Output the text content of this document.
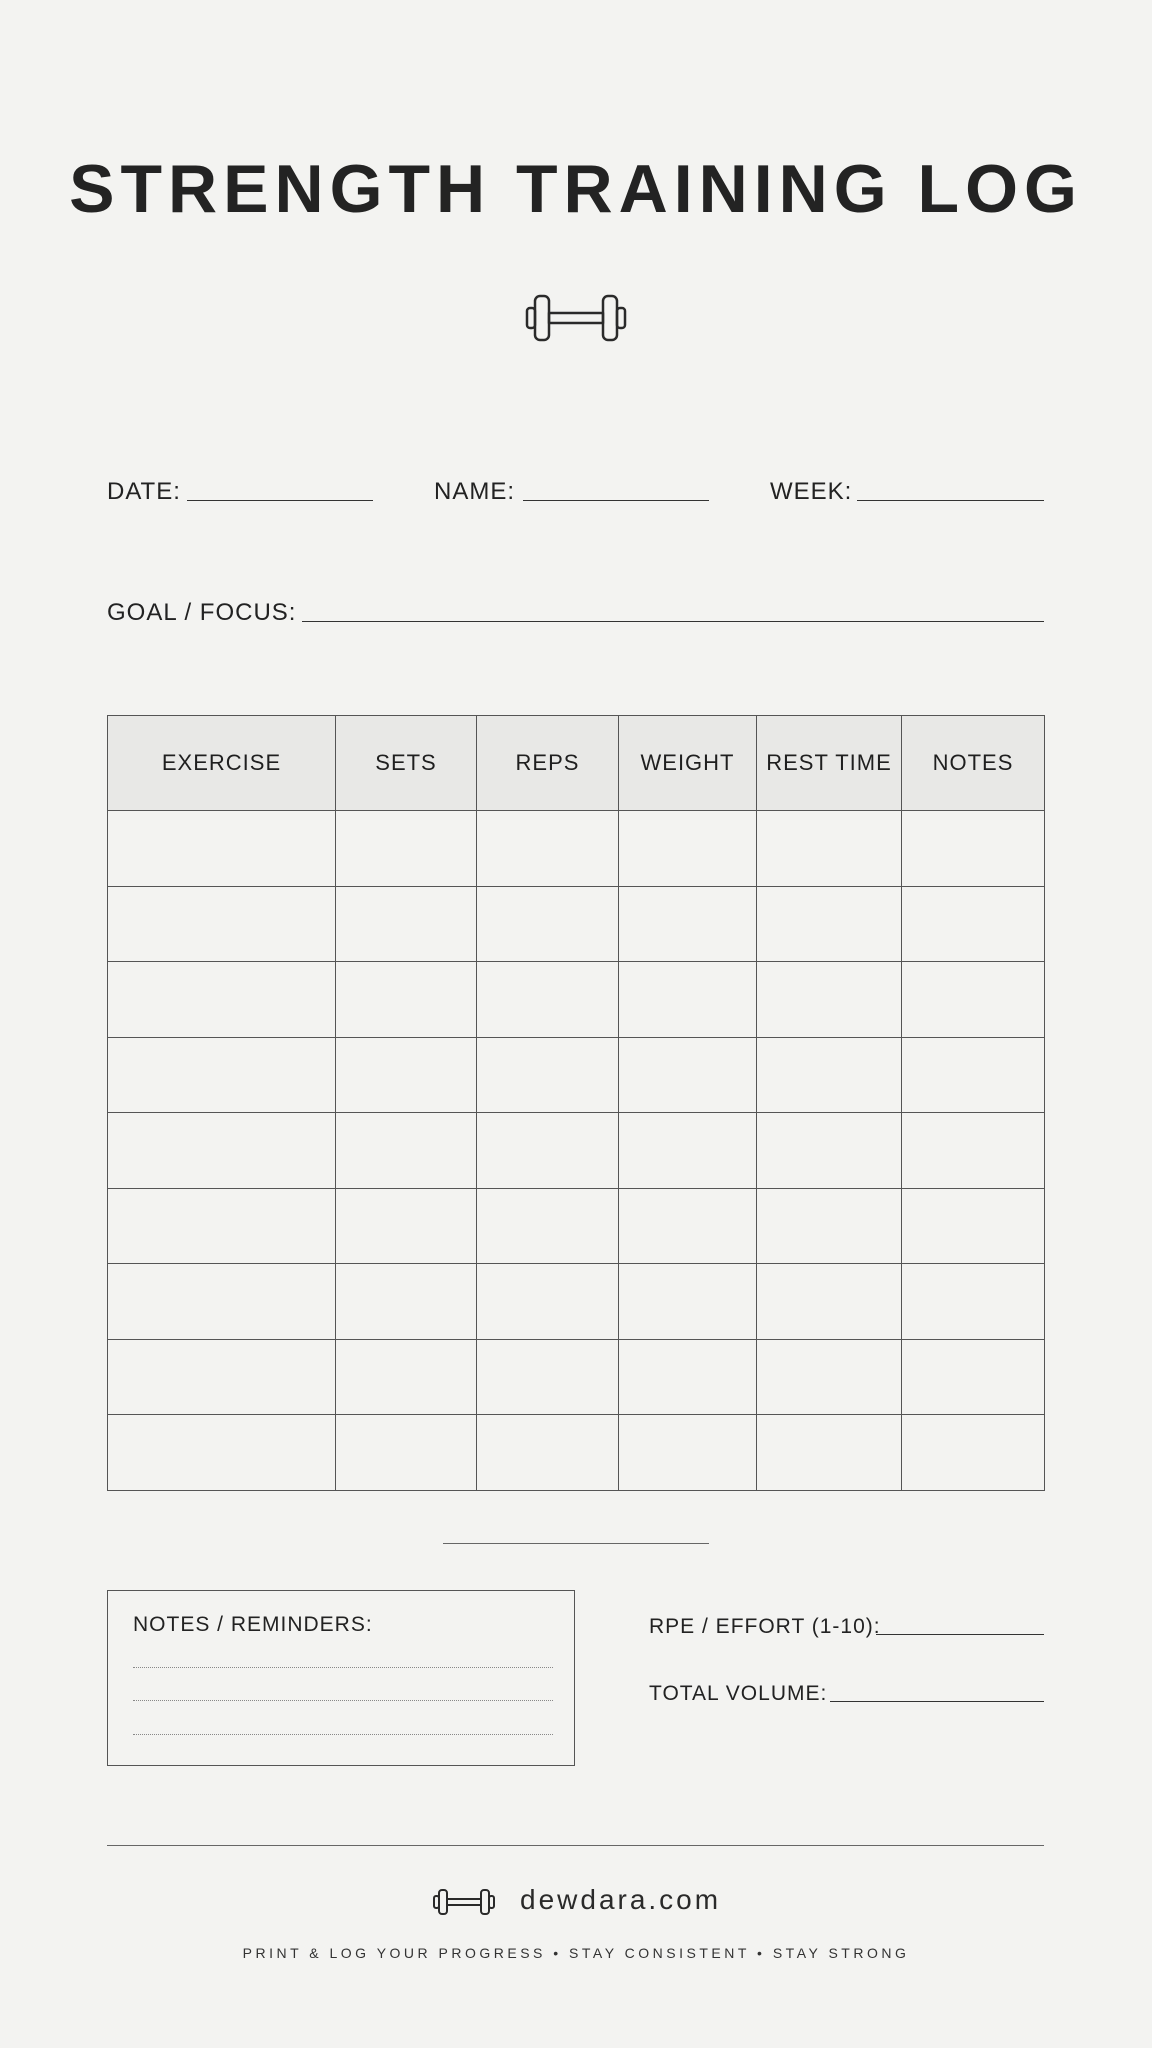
STRENGTH TRAINING LOG
DATE:	NAME:	WEEK:
GOAL / FOCUS:
EXERCISE	SETS	REPS	WEIGHT	REST TIME	NOTES

NOTES / REMINDERS:	RPE / EFFORT (1-10):
TOTAL VOLUME:
dewdara.com
PRINT & LOG YOUR PROGRESS • STAY CONSISTENT • STAY STRONG
